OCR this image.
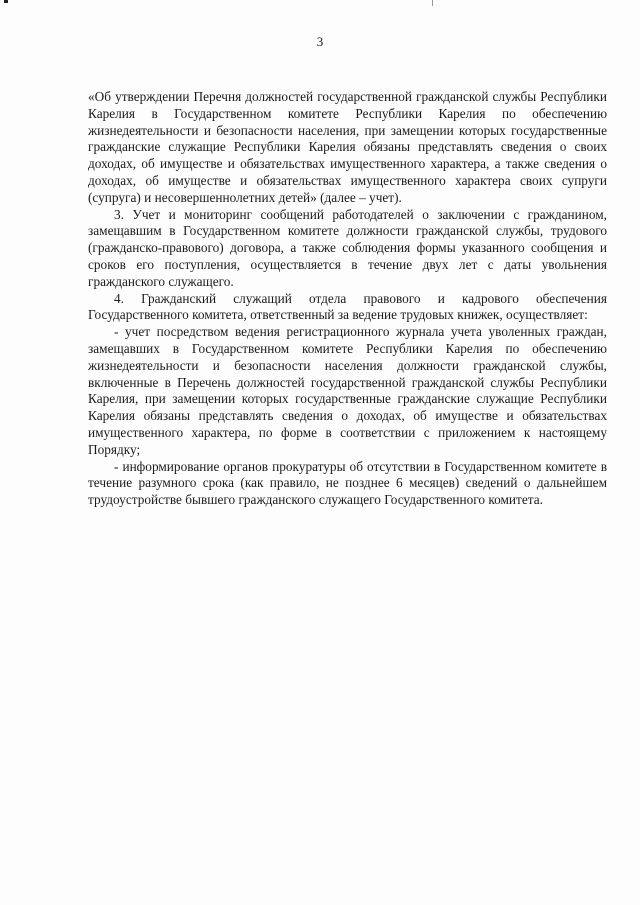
3

«Об утверждении Перечня должностей государственной гражданской службы Республики Карелия в Государственном комитете Республики Карелия по обеспечению жизнедеятельности и безопасности населения, при замещении которых государственные гражданские служащие Республики Карелия обязаны представлять сведения о своих доходах, об имуществе и обязательствах имущественного характера, а также сведения о доходах, об имуществе и обязательствах имущественного характера своих супруги (супруга) и несовершеннолетних детей» (далее – учет).

3. Учет и мониторинг сообщений работодателей о заключении с гражданином, замещавшим в Государственном комитете должности гражданской службы, трудового (гражданско-правового) договора, а также соблюдения формы указанного сообщения и сроков его поступления, осуществляется в течение двух лет с даты увольнения гражданского служащего.

4. Гражданский служащий отдела правового и кадрового обеспечения Государственного комитета, ответственный за ведение трудовых книжек, осуществляет:

- учет посредством ведения регистрационного журнала учета уволенных граждан, замещавших в Государственном комитете Республики Карелия по обеспечению жизнедеятельности и безопасности населения должности гражданской службы, включенные в Перечень должностей государственной гражданской службы Республики Карелия, при замещении которых государственные гражданские служащие Республики Карелия обязаны представлять сведения о доходах, об имуществе и обязательствах имущественного характера, по форме в соответствии с приложением к настоящему Порядку;

- информирование органов прокуратуры об отсутствии в Государственном комитете в течение разумного срока (как правило, не позднее 6 месяцев) сведений о дальнейшем трудоустройстве бывшего гражданского служащего Государственного комитета.
